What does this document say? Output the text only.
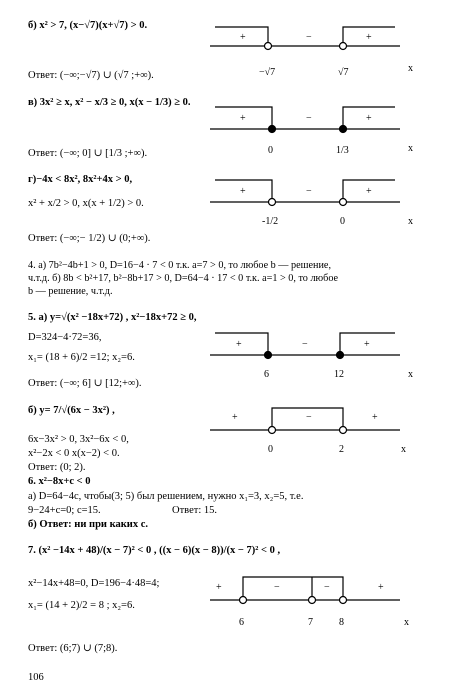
б) x² > 7, (x−√7)(x+√7) > 0.
Ответ: (−∞;−√7) ∪ (√7 ;+∞).
в) 3x² ≥ x, x² − x/3 ≥ 0, x(x − 1/3) ≥ 0.
Ответ: (−∞; 0] ∪ [1/3 ;+∞).
г)−4x < 8x², 8x²+4x > 0,
x² + x/2 > 0, x(x + 1/2) > 0.
Ответ: (−∞;− 1/2) ∪ (0;+∞).
4. а) 7b²−4b+1 > 0, D=16−4 · 7 < 0 т.к. a=7 > 0, то любое b — решение,
ч.т.д. б) 8b < b²+17, b²−8b+17 > 0, D=64−4 · 17 < 0 т.к. a=1 > 0, то любое
b — решение, ч.т.д.
5. а) y=√(x² −18x+72) , x²−18x+72 ≥ 0,
D=324−4·72=36,
x₁= (18 + 6)/2 =12; x₂=6.
Ответ: (−∞; 6] ∪ [12;+∞).
б) y= 7/√(6x − 3x²) ,
6x−3x² > 0, 3x²−6x < 0,
x²−2x < 0 x(x−2) < 0.
Ответ: (0; 2).
6. x²−8x+c < 0
а) D=64−4c, чтобы(3; 5) был решением, нужно x₁=3, x₂=5, т.е.
9−24+c=0; c=15.	Ответ: 15.
б) Ответ: ни при каких c.
7. (x² −14x + 48)/(x − 7)² < 0 , ((x − 6)(x − 8))/(x − 7)² < 0 ,
x²−14x+48=0, D=196−4·48=4;
x₁= (14 + 2)/2 = 8 ; x₂=6.
Ответ: (6;7) ∪ (7;8).
106
+	−	+
−√7	√7	x
+	−	+
0	1/3	x
+	−	+
-1/2	0	x
+	−	+
6	12	x
+	−	+
0	2	x
+	−	−	+
6	7	8	x
